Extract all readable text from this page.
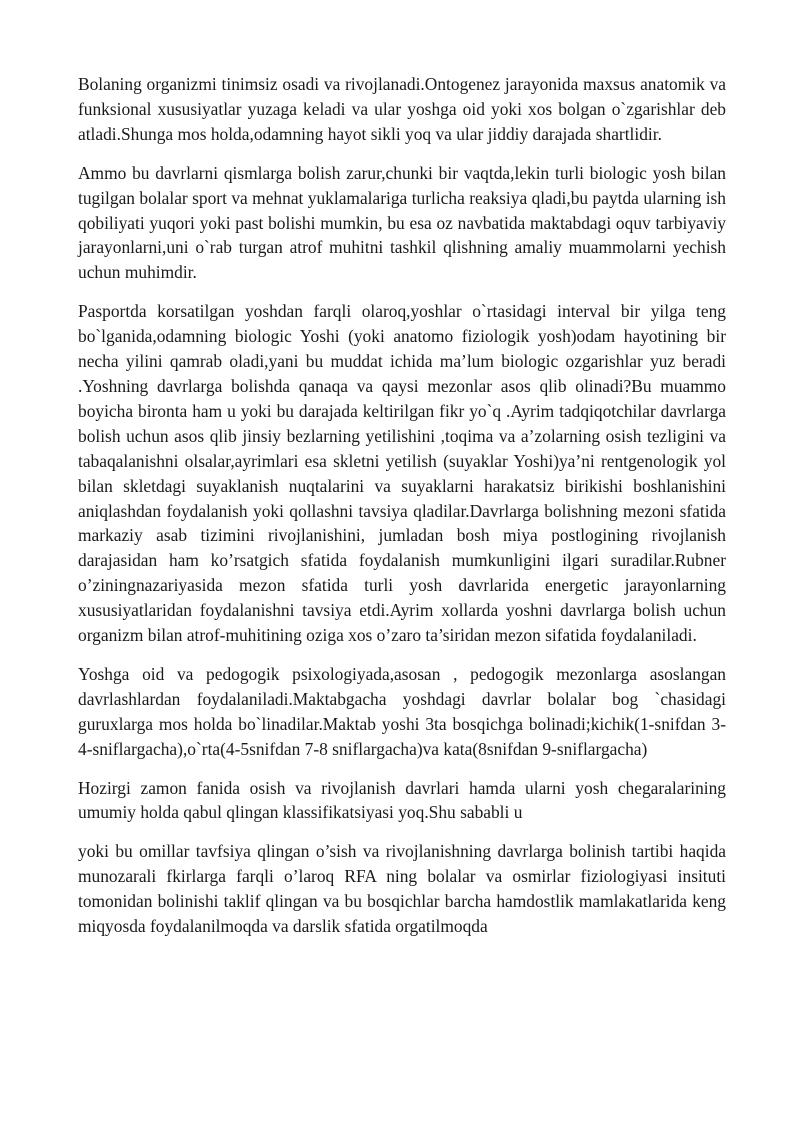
Bolaning organizmi tinimsiz osadi va rivojlanadi.Ontogenez jarayonida maxsus anatomik va funksional xususiyatlar yuzaga keladi va ular yoshga oid yoki xos bolgan o`zgarishlar deb atladi.Shunga mos holda,odamning hayot sikli yoq va ular jiddiy darajada shartlidir.

Ammo bu davrlarni qismlarga bolish zarur,chunki bir vaqtda,lekin turli biologic yosh bilan tugilgan bolalar sport va mehnat yuklamalariga turlicha reaksiya qladi,bu paytda ularning ish qobiliyati yuqori yoki past bolishi mumkin, bu esa oz navbatida maktabdagi oquv tarbiyaviy jarayonlarni,uni o`rab turgan atrof muhitni tashkil qlishning amaliy muammolarni yechish uchun muhimdir.

Pasportda korsatilgan yoshdan farqli olaroq,yoshlar o`rtasidagi interval bir yilga teng bo`lganida,odamning biologic Yoshi (yoki anatomo fiziologik yosh)odam hayotining bir necha yilini qamrab oladi,yani bu muddat ichida ma’lum biologic ozgarishlar yuz beradi .Yoshning davrlarga bolishda qanaqa va qaysi mezonlar asos qlib olinadi?Bu muammo boyicha bironta ham u yoki bu darajada keltirilgan fikr yo`q .Ayrim tadqiqotchilar davrlarga bolish uchun asos qlib jinsiy bezlarning yetilishini ,toqima va a’zolarning osish tezligini va tabaqalanishni olsalar,ayrimlari esa skletni yetilish (suyaklar Yoshi)ya’ni rentgenologik yol bilan skletdagi suyaklanish nuqtalarini va suyaklarni harakatsiz birikishi boshlanishini aniqlashdan foydalanish yoki qollashni tavsiya qladilar.Davrlarga bolishning mezoni sfatida markaziy asab tizimini rivojlanishini, jumladan bosh miya postlogining rivojlanish darajasidan ham ko’rsatgich sfatida foydalanish mumkunligini ilgari suradilar.Rubner o’ziningnazariyasida mezon sfatida turli yosh davrlarida energetic jarayonlarning xususiyatlaridan foydalanishni tavsiya etdi.Ayrim xollarda yoshni davrlarga bolish uchun organizm bilan atrof-muhitining oziga xos o’zaro ta’siridan mezon sifatida foydalaniladi.

Yoshga oid va pedogogik psixologiyada,asosan , pedogogik mezonlarga asoslangan davrlashlardan foydalaniladi.Maktabgacha yoshdagi davrlar bolalar bog `chasidagi guruxlarga mos holda bo`linadilar.Maktab yoshi 3ta bosqichga bolinadi;kichik(1-snifdan 3-4-sniflargacha),o`rta(4-5snifdan 7-8 sniflargacha)va kata(8snifdan 9-sniflargacha)

Hozirgi zamon fanida osish va rivojlanish davrlari hamda ularni yosh chegaralarining umumiy holda qabul qlingan klassifikatsiyasi yoq.Shu sababli u

yoki bu omillar tavfsiya qlingan o’sish va rivojlanishning davrlarga bolinish tartibi haqida munozarali fkirlarga farqli o’laroq RFA ning bolalar va osmirlar fiziologiyasi insituti tomonidan bolinishi taklif qlingan va bu bosqichlar barcha hamdostlik mamlakatlarida keng miqyosda foydalanilmoqda va darslik sfatida orgatilmoqda
